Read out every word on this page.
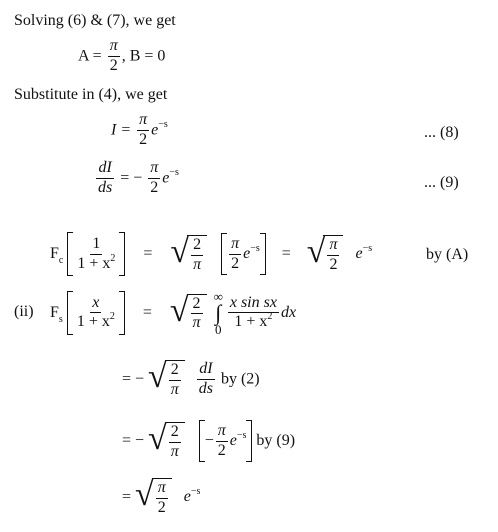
Solving (6) & (7), we get
$A = \frac{\pi}{2}$ , B = 0
Substitute in (4), we get
$I = \frac{\pi}{2} e^{-s}$	... (8)
$\frac{dI}{ds}$ = − $\frac{\pi}{2} e^{-s}$
... (9)
$F_c \frac{1}{1 + x^2}$ = √ $\frac{2}{\pi}$
$\frac{\pi}{2} e^{-s}$ = √ $\frac{\pi}{2} e^{-s}$	by (A)
(ii) $F_s \frac{x}{1 + x^2}$ = √ $\frac{2}{\pi}$
∞
∫
$0 \frac{\text{x sin sx}}{1 + x^2}$ dx
= − √ $\frac{2}{\pi}$
$\frac{dI}{ds}$ by (2)
= − √ $\frac{2}{\pi} - \frac{\pi}{2} e^{-s}$ by (9)
= √ $\frac{\pi}{2} e^{-s}$
